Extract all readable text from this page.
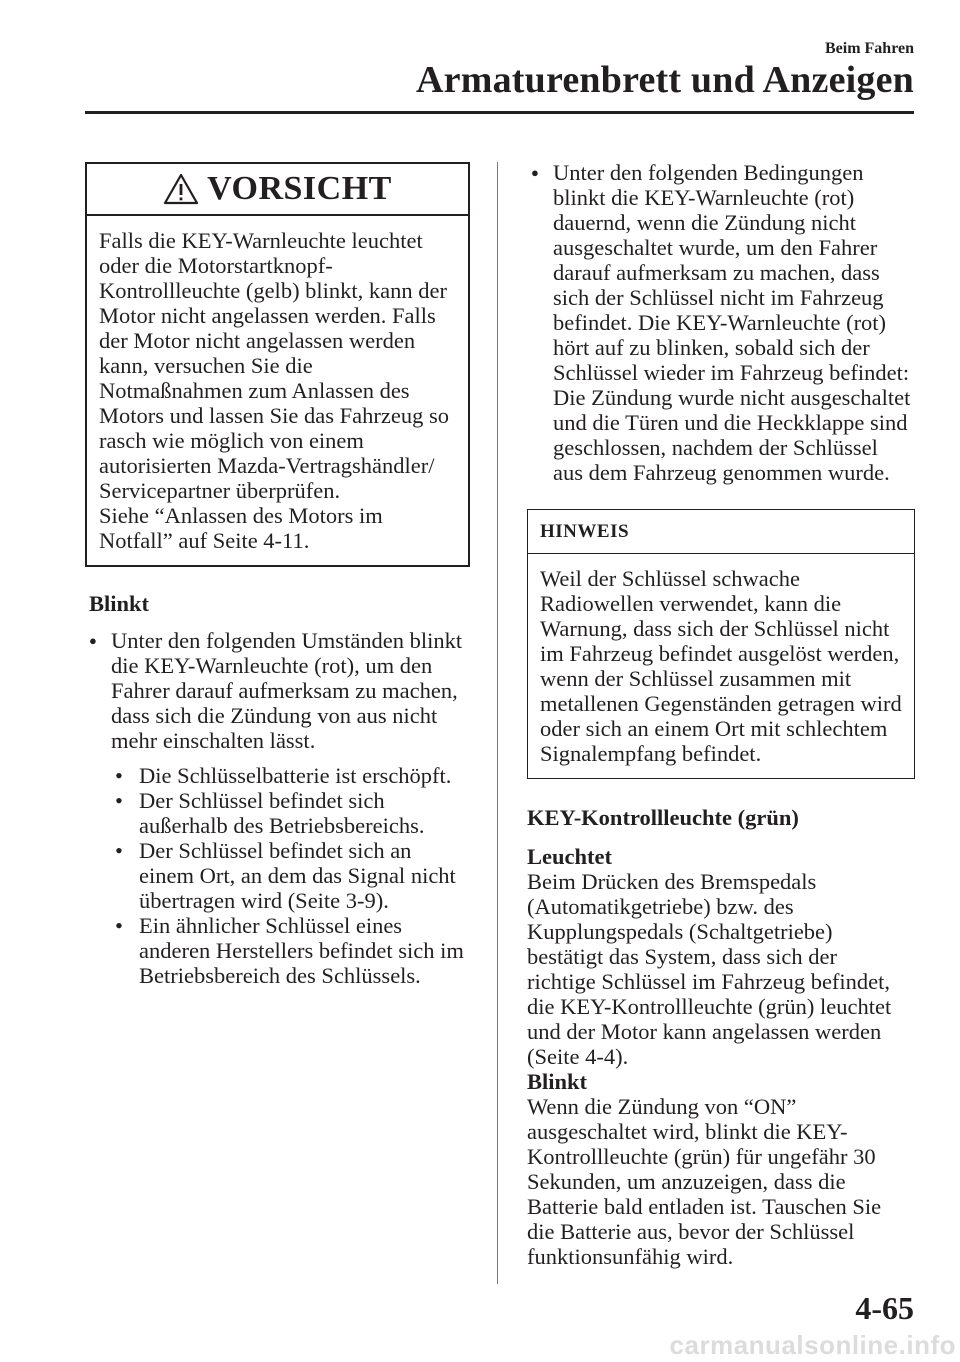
Beim Fahren
Armaturenbrett und Anzeigen
VORSICHT
Falls die KEY-Warnleuchte leuchtet
oder die Motorstartknopf-
Kontrollleuchte (gelb) blinkt, kann der
Motor nicht angelassen werden. Falls
der Motor nicht angelassen werden
kann, versuchen Sie die
Notmaßnahmen zum Anlassen des
Motors und lassen Sie das Fahrzeug so
rasch wie möglich von einem
autorisierten Mazda-Vertragshändler/
Servicepartner überprüfen.
Siehe “Anlassen des Motors im
Notfall” auf Seite 4-11.
Blinkt
● Unter den folgenden Umständen blinkt
die KEY-Warnleuchte (rot), um den
Fahrer darauf aufmerksam zu machen,
dass sich die Zündung von aus nicht
mehr einschalten lässt.
• Die Schlüsselbatterie ist erschöpft.
• Der Schlüssel befindet sich
außerhalb des Betriebsbereichs.
• Der Schlüssel befindet sich an
einem Ort, an dem das Signal nicht
übertragen wird (Seite 3-9).
• Ein ähnlicher Schlüssel eines
anderen Herstellers befindet sich im
Betriebsbereich des Schlüssels.
● Unter den folgenden Bedingungen
blinkt die KEY-Warnleuchte (rot)
dauernd, wenn die Zündung nicht
ausgeschaltet wurde, um den Fahrer
darauf aufmerksam zu machen, dass
sich der Schlüssel nicht im Fahrzeug
befindet. Die KEY-Warnleuchte (rot)
hört auf zu blinken, sobald sich der
Schlüssel wieder im Fahrzeug befindet:
Die Zündung wurde nicht ausgeschaltet
und die Türen und die Heckklappe sind
geschlossen, nachdem der Schlüssel
aus dem Fahrzeug genommen wurde.
HINWEIS
Weil der Schlüssel schwache
Radiowellen verwendet, kann die
Warnung, dass sich der Schlüssel nicht
im Fahrzeug befindet ausgelöst werden,
wenn der Schlüssel zusammen mit
metallenen Gegenständen getragen wird
oder sich an einem Ort mit schlechtem
Signalempfang befindet.
KEY-Kontrollleuchte (grün)
Leuchtet
Beim Drücken des Bremspedals
(Automatikgetriebe) bzw. des
Kupplungspedals (Schaltgetriebe)
bestätigt das System, dass sich der
richtige Schlüssel im Fahrzeug befindet,
die KEY-Kontrollleuchte (grün) leuchtet
und der Motor kann angelassen werden
(Seite 4-4).
Blinkt
Wenn die Zündung von “ON”
ausgeschaltet wird, blinkt die KEY-
Kontrollleuchte (grün) für ungefähr 30
Sekunden, um anzuzeigen, dass die
Batterie bald entladen ist. Tauschen Sie
die Batterie aus, bevor der Schlüssel
funktionsunfähig wird.
4-65
carmanualsonline.info
